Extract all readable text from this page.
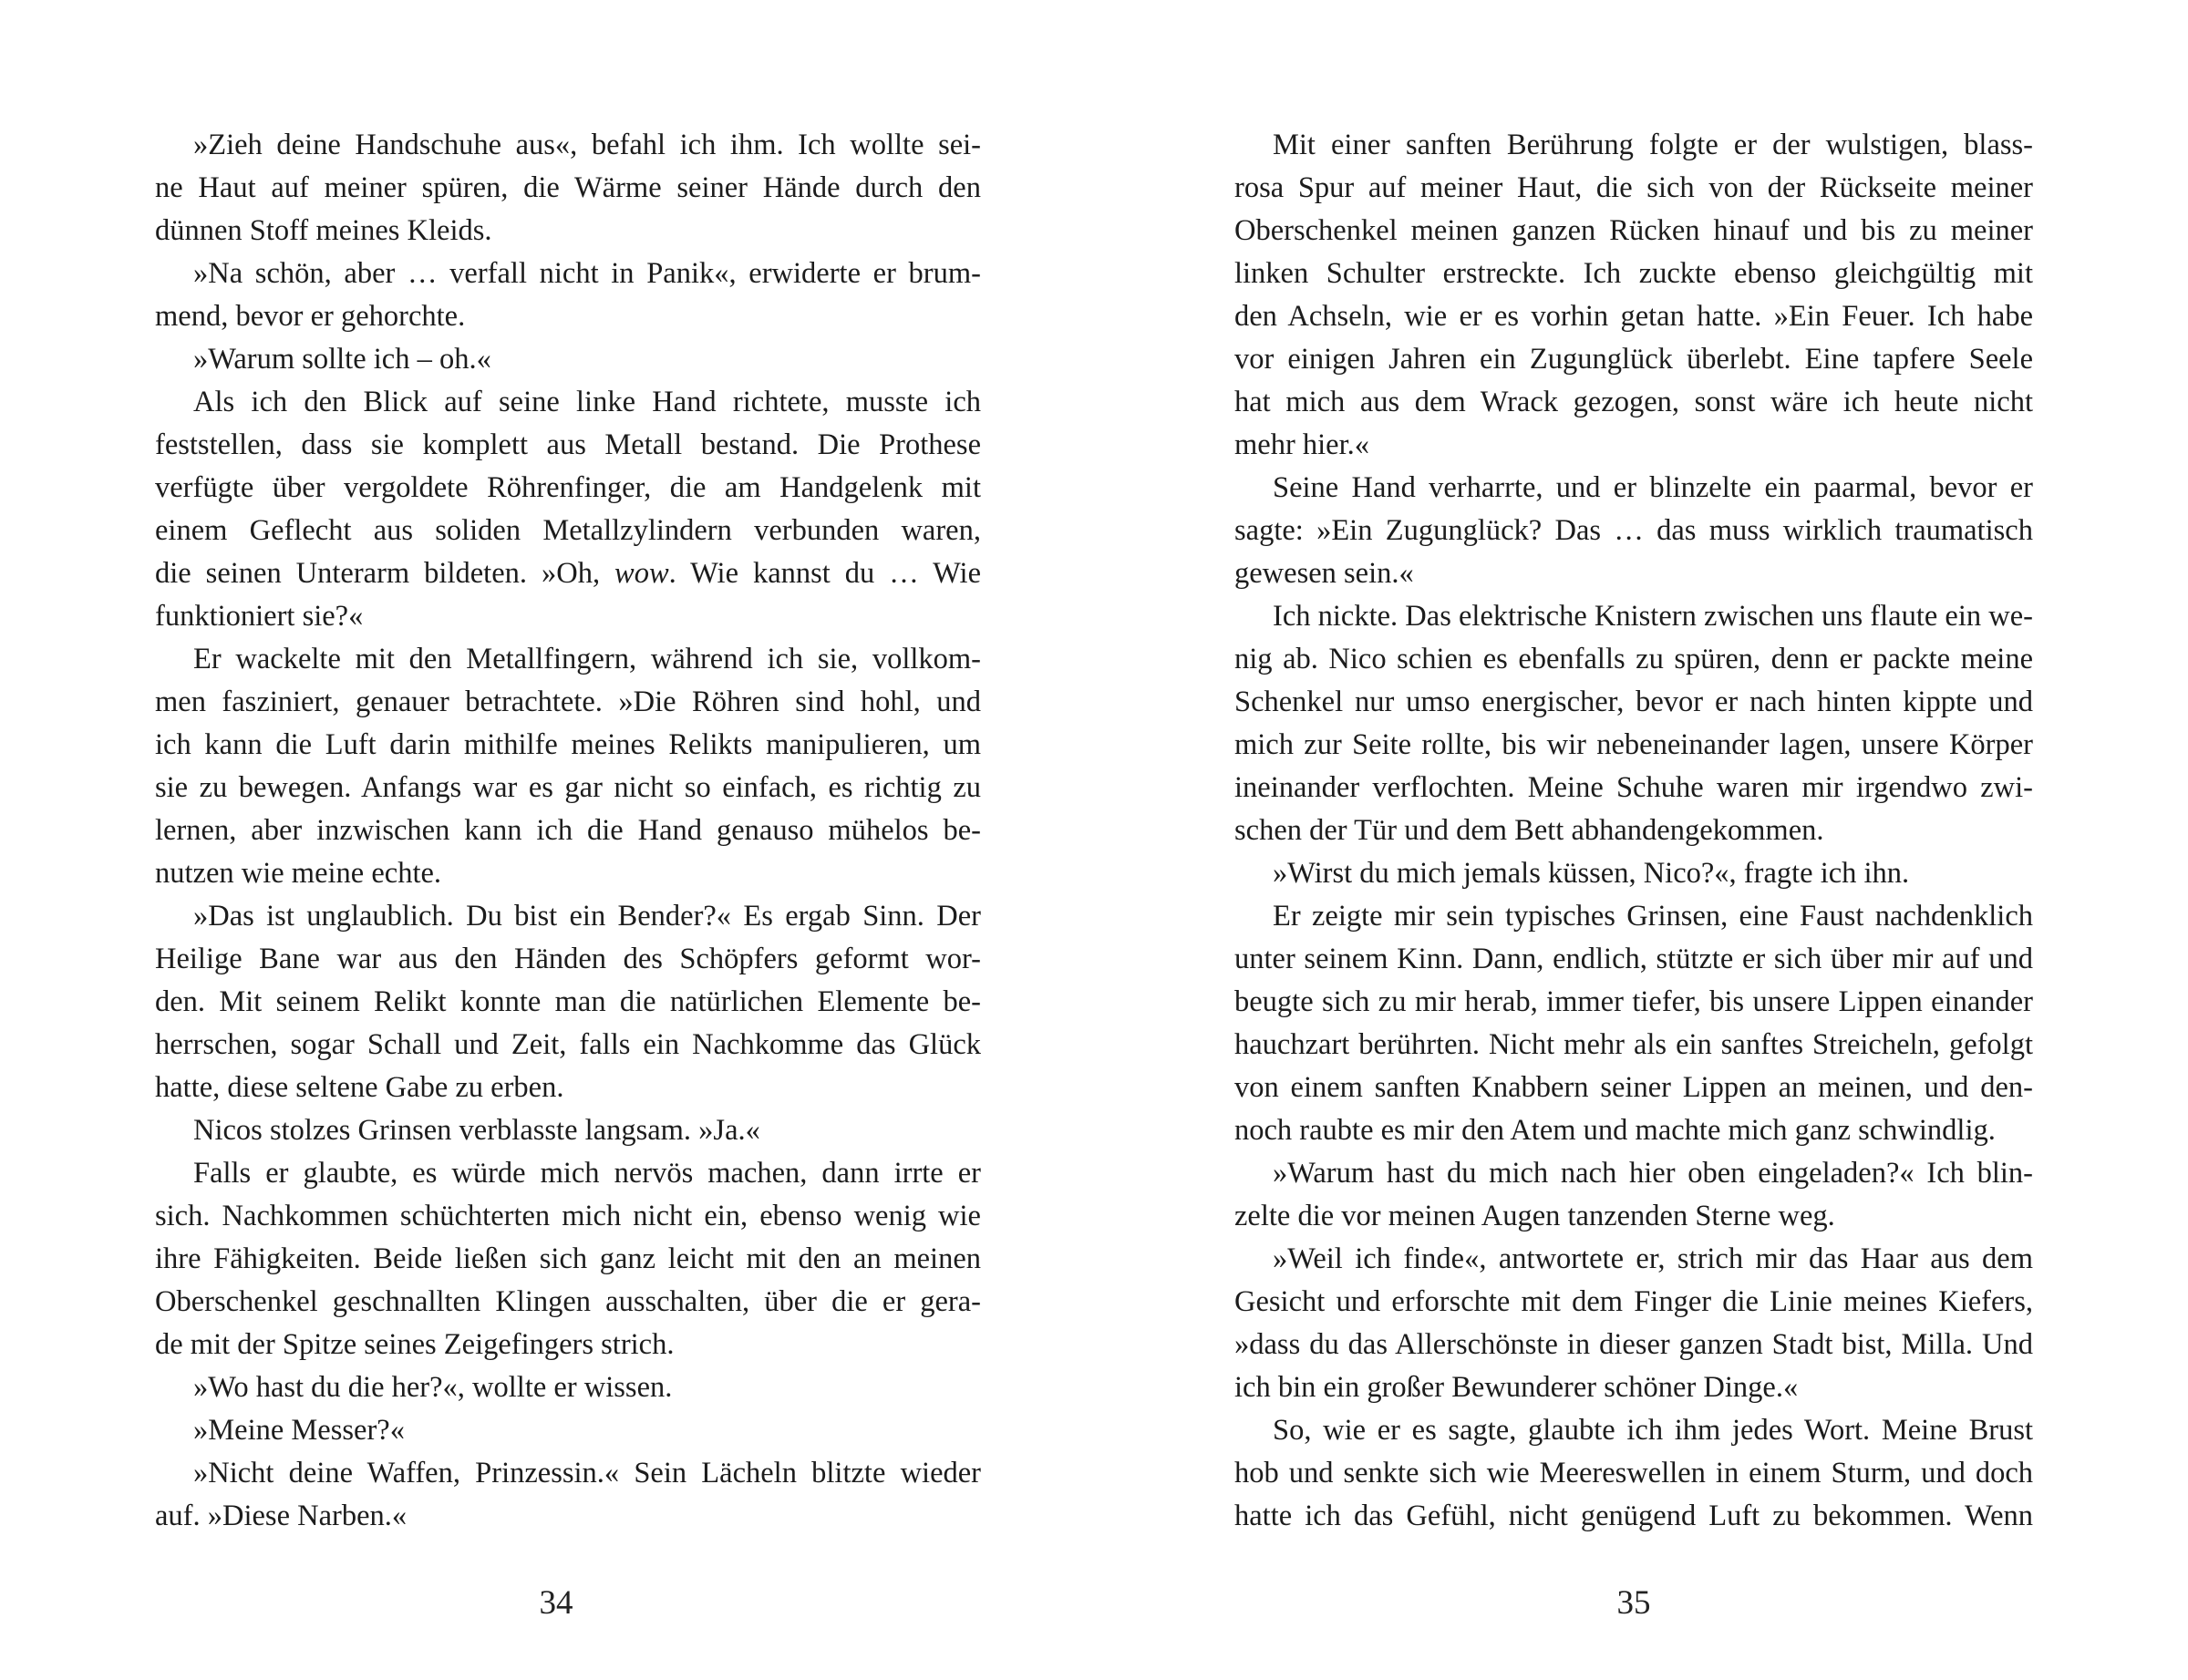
»Zieh deine Handschuhe aus«, befahl ich ihm. Ich wollte sei-
ne Haut auf meiner spüren, die Wärme seiner Hände durch den
dünnen Stoff meines Kleids.
»Na schön, aber … verfall nicht in Panik«, erwiderte er brum-
mend, bevor er gehorchte.
»Warum sollte ich – oh.«
Als ich den Blick auf seine linke Hand richtete, musste ich
feststellen, dass sie komplett aus Metall bestand. Die Prothese
verfügte über vergoldete Röhrenfinger, die am Handgelenk mit
einem Geflecht aus soliden Metallzylindern verbunden waren,
die seinen Unterarm bildeten. »Oh, wow. Wie kannst du … Wie
funktioniert sie?«
Er wackelte mit den Metallfingern, während ich sie, vollkom-
men fasziniert, genauer betrachtete. »Die Röhren sind hohl, und
ich kann die Luft darin mithilfe meines Relikts manipulieren, um
sie zu bewegen. Anfangs war es gar nicht so einfach, es richtig zu
lernen, aber inzwischen kann ich die Hand genauso mühelos be-
nutzen wie meine echte.
»Das ist unglaublich. Du bist ein Bender?« Es ergab Sinn. Der
Heilige Bane war aus den Händen des Schöpfers geformt wor-
den. Mit seinem Relikt konnte man die natürlichen Elemente be-
herrschen, sogar Schall und Zeit, falls ein Nachkomme das Glück
hatte, diese seltene Gabe zu erben.
Nicos stolzes Grinsen verblasste langsam. »Ja.«
Falls er glaubte, es würde mich nervös machen, dann irrte er
sich. Nachkommen schüchterten mich nicht ein, ebenso wenig wie
ihre Fähigkeiten. Beide ließen sich ganz leicht mit den an meinen
Oberschenkel geschnallten Klingen ausschalten, über die er gera-
de mit der Spitze seines Zeigefingers strich.
»Wo hast du die her?«, wollte er wissen.
»Meine Messer?«
»Nicht deine Waffen, Prinzessin.« Sein Lächeln blitzte wieder
auf. »Diese Narben.«
Mit einer sanften Berührung folgte er der wulstigen, blass-
rosa Spur auf meiner Haut, die sich von der Rückseite meiner
Oberschenkel meinen ganzen Rücken hinauf und bis zu meiner
linken Schulter erstreckte. Ich zuckte ebenso gleichgültig mit
den Achseln, wie er es vorhin getan hatte. »Ein Feuer. Ich habe
vor einigen Jahren ein Zugunglück überlebt. Eine tapfere Seele
hat mich aus dem Wrack gezogen, sonst wäre ich heute nicht
mehr hier.«
Seine Hand verharrte, und er blinzelte ein paarmal, bevor er
sagte: »Ein Zugunglück? Das … das muss wirklich traumatisch
gewesen sein.«
Ich nickte. Das elektrische Knistern zwischen uns flaute ein we-
nig ab. Nico schien es ebenfalls zu spüren, denn er packte meine
Schenkel nur umso energischer, bevor er nach hinten kippte und
mich zur Seite rollte, bis wir nebeneinander lagen, unsere Körper
ineinander verflochten. Meine Schuhe waren mir irgendwo zwi-
schen der Tür und dem Bett abhandengekommen.
»Wirst du mich jemals küssen, Nico?«, fragte ich ihn.
Er zeigte mir sein typisches Grinsen, eine Faust nachdenklich
unter seinem Kinn. Dann, endlich, stützte er sich über mir auf und
beugte sich zu mir herab, immer tiefer, bis unsere Lippen einander
hauchzart berührten. Nicht mehr als ein sanftes Streicheln, gefolgt
von einem sanften Knabbern seiner Lippen an meinen, und den-
noch raubte es mir den Atem und machte mich ganz schwindlig.
»Warum hast du mich nach hier oben eingeladen?« Ich blin-
zelte die vor meinen Augen tanzenden Sterne weg.
»Weil ich finde«, antwortete er, strich mir das Haar aus dem
Gesicht und erforschte mit dem Finger die Linie meines Kiefers,
»dass du das Allerschönste in dieser ganzen Stadt bist, Milla. Und
ich bin ein großer Bewunderer schöner Dinge.«
So, wie er es sagte, glaubte ich ihm jedes Wort. Meine Brust
hob und senkte sich wie Meereswellen in einem Sturm, und doch
hatte ich das Gefühl, nicht genügend Luft zu bekommen. Wenn
34	35
